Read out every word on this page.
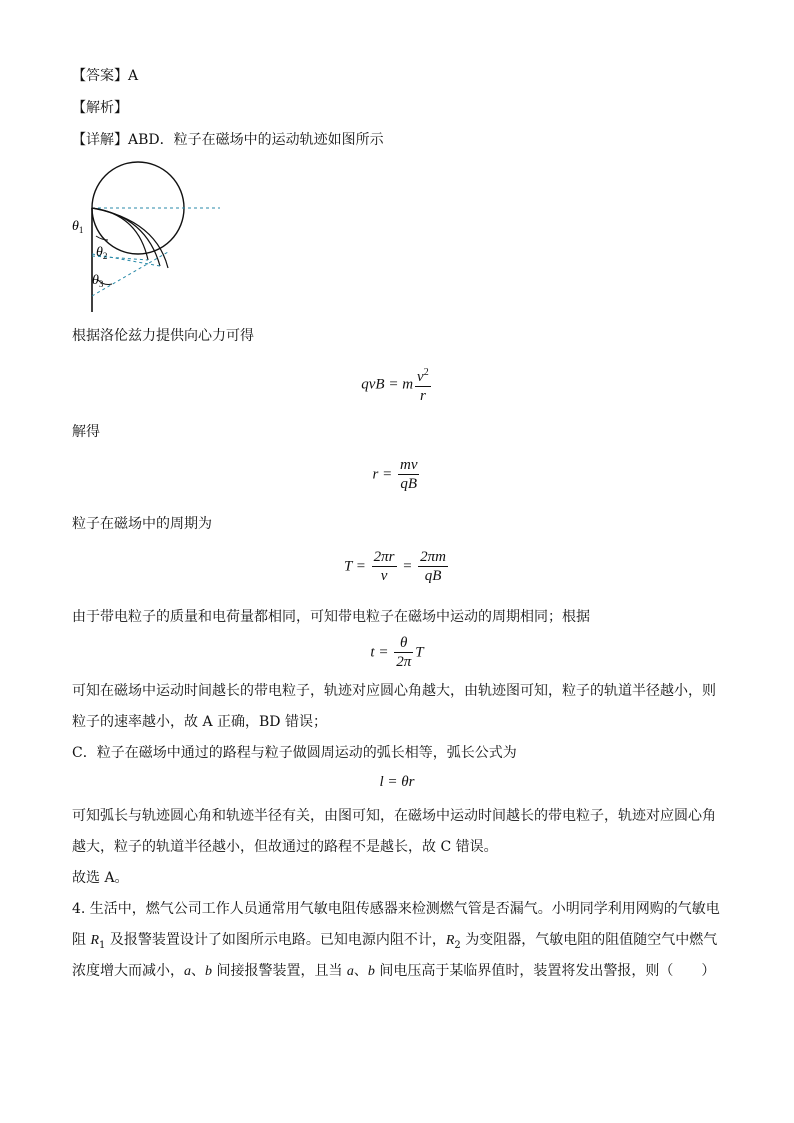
【答案】A
【解析】
【详解】ABD．粒子在磁场中的运动轨迹如图所示
$\theta_1$
$\theta_2$
$\theta_3$
根据洛伦兹力提供向心力可得
qvB = m $\frac{v^2}{r}$
解得
$r = \frac{mv}{qB}$
粒子在磁场中的周期为
$T = \frac{2\pi r}{v} = \frac{2\pi m}{qB}$
由于带电粒子的质量和电荷量都相同，可知带电粒子在磁场中运动的周期相同；根据
$t = \frac{\theta}{2\pi}$ T
可知在磁场中运动时间越长的带电粒子，轨迹对应圆心角越大，由轨迹图可知，粒子的轨道半径越小，则
粒子的速率越小，故 A 正确，BD 错误；
C．粒子在磁场中通过的路程与粒子做圆周运动的弧长相等，弧长公式为
l = θr
可知弧长与轨迹圆心角和轨迹半径有关，由图可知，在磁场中运动时间越长的带电粒子，轨迹对应圆心角
越大，粒子的轨道半径越小，但故通过的路程不是越长，故 C 错误。
故选 A。
4. 生活中，燃气公司工作人员通常用气敏电阻传感器来检测燃气管是否漏气。小明同学利用网购的气敏电
阻 $R_1$ 及报警装置设计了如图所示电路。已知电源内阻不计，$R_2$ 为变阻器，气敏电阻的阻值随空气中燃气
浓度增大而减小，a、b 间接报警装置，且当 a、b 间电压高于某临界值时，装置将发出警报，则（　　）
